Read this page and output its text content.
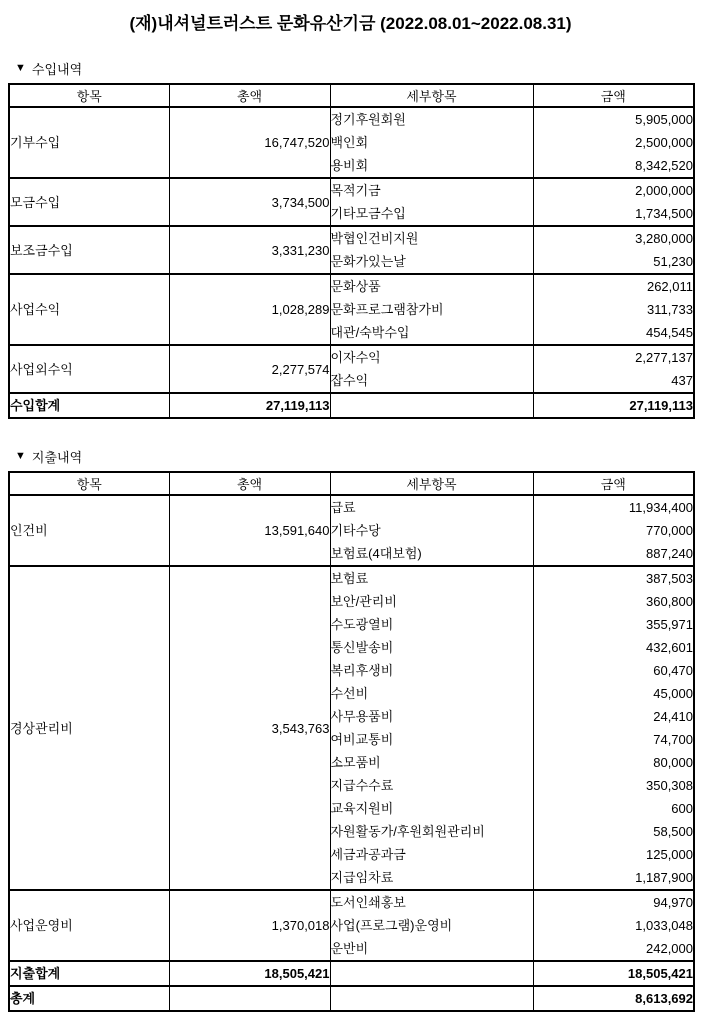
(재)내셔널트러스트 문화유산기금 (2022.08.01~2022.08.31)
▼ 수입내역
항목	총액	세부항목	금액
기부수입	16,747,520	정기후원회원	5,905,000
		백인회	2,500,000
		용비회	8,342,520
모금수입	3,734,500	목적기금	2,000,000
		기타모금수입	1,734,500
보조금수입	3,331,230	박협인건비지원	3,280,000
		문화가있는날	51,230
사업수익	1,028,289	문화상품	262,011
		문화프로그램참가비	311,733
		대관/숙박수입	454,545
사업외수익	2,277,574	이자수익	2,277,137
		잡수익	437
수입합계	27,119,113		27,119,113
▼ 지출내역
항목	총액	세부항목	금액
인건비	13,591,640	급료	11,934,400
		기타수당	770,000
		보험료(4대보험)	887,240
경상관리비	3,543,763	보험료	387,503
		보안/관리비	360,800
		수도광열비	355,971
		통신발송비	432,601
		복리후생비	60,470
		수선비	45,000
		사무용품비	24,410
		여비교통비	74,700
		소모품비	80,000
		지급수수료	350,308
		교육지원비	600
		자원활동가/후원회원관리비	58,500
		세금과공과금	125,000
		지급임차료	1,187,900
사업운영비	1,370,018	도서인쇄홍보	94,970
		사업(프로그램)운영비	1,033,048
		운반비	242,000
지출합계	18,505,421		18,505,421
총계			8,613,692
